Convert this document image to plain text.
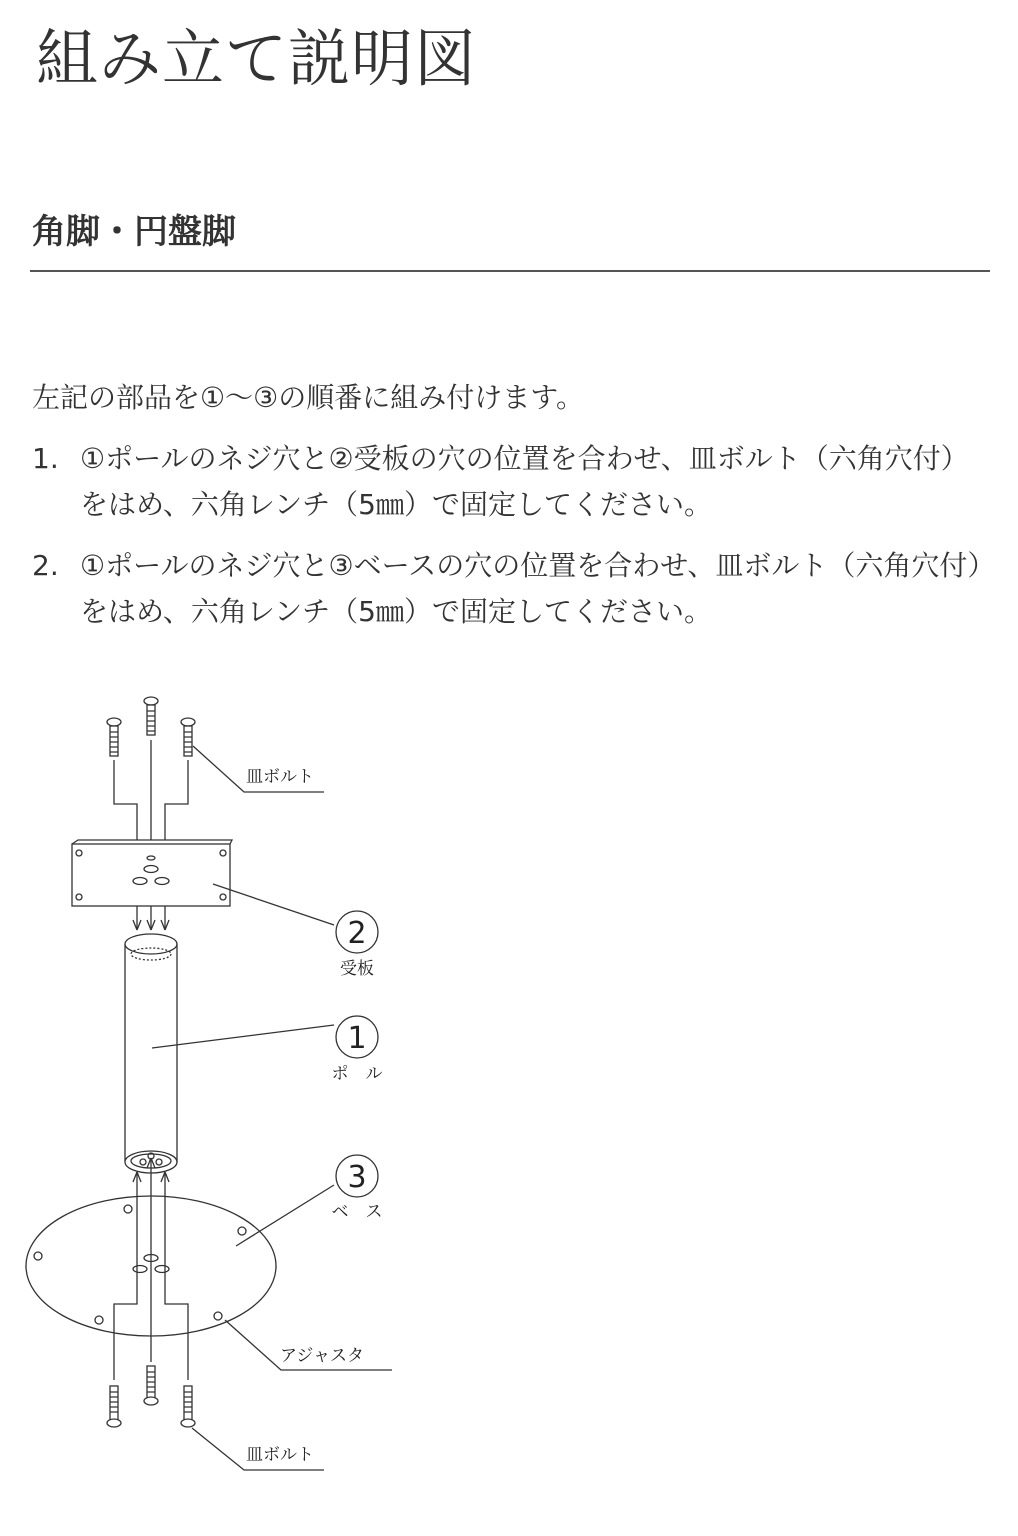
組み立て説明図
角脚・円盤脚

左記の部品を①〜③の順番に組み付けます。

1. ①ポールのネジ穴と②受板の穴の位置を合わせ、皿ボルト（六角穴付）をはめ、六角レンチ（5㎜）で固定してください。
2. ①ポールのネジ穴と③ベースの穴の位置を合わせ、皿ボルト（六角穴付）をはめ、六角レンチ（5㎜）で固定してください。
皿ボルト
2
受板
1
ポ　ル
3
ベ　ス
アジャスタ
皿ボルト
